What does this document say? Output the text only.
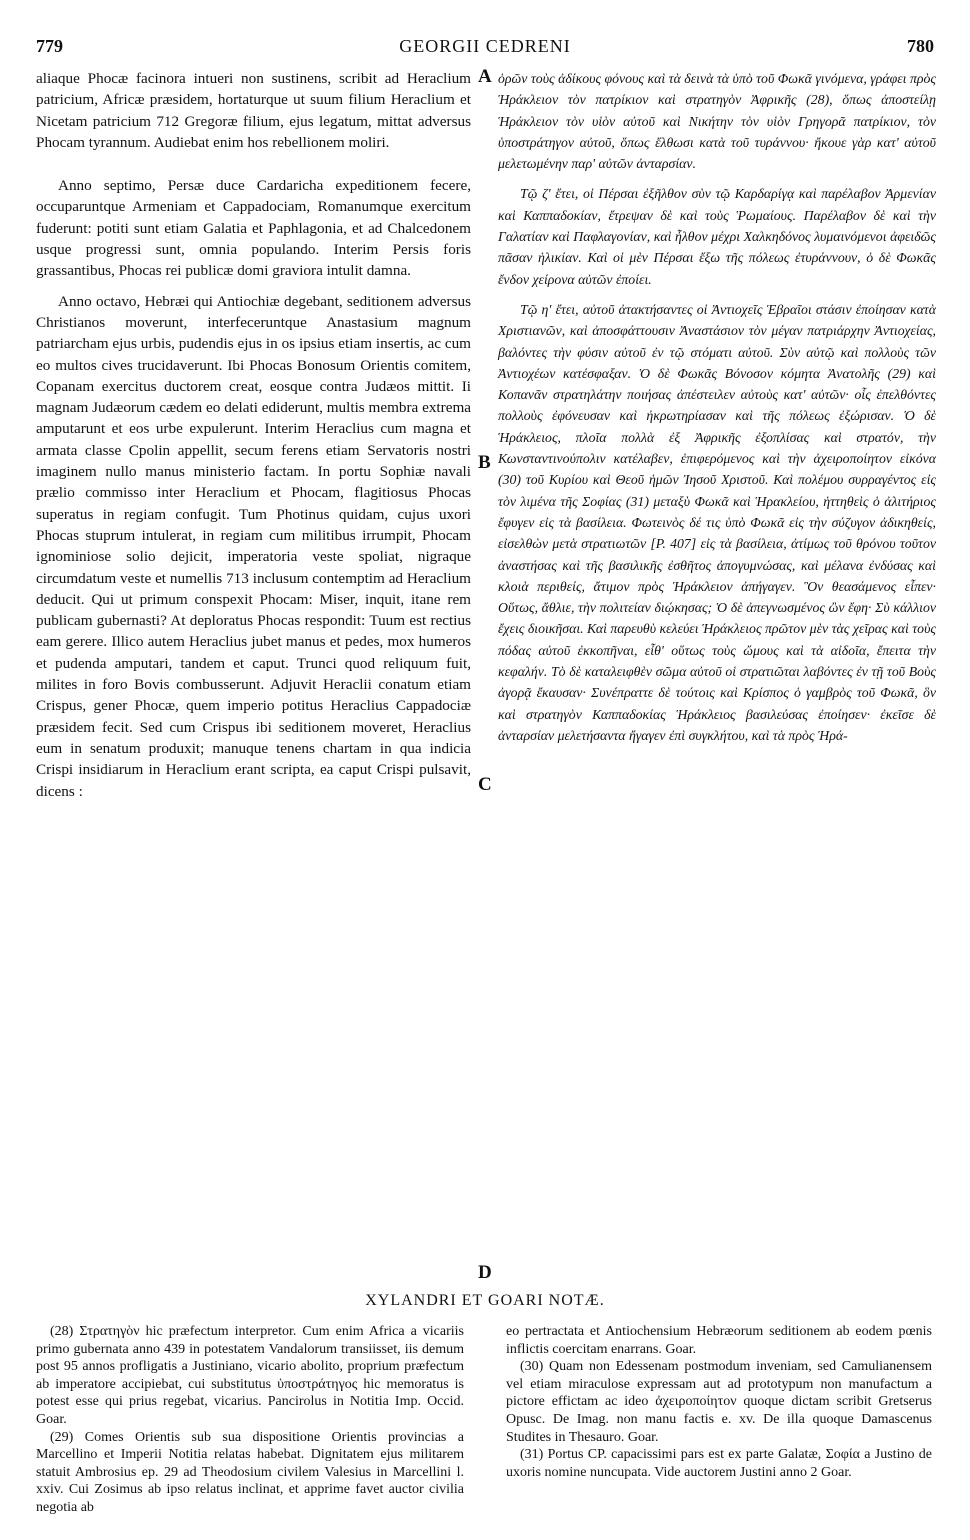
779	GEORGII CEDRENI	780

aliaque Phocæ facinora intueri non sustinens, scribit ad Heraclium patricium, Africæ præsidem, hortaturque ut suum filium Heraclium et Nicetam patricium 712 Gregoræ filium, ejus legatum, mittat adversus Phocam tyrannum. Audiebat enim hos rebellionem moliri.

Anno septimo, Persæ duce Cardaricha expeditionem fecere, occuparuntque Armeniam et Cappadociam, Romanumque exercitum fuderunt: potiti sunt etiam Galatia et Paphlagonia, et ad Chalcedonem usque progressi sunt, omnia populando. Interim Persis foris grassantibus, Phocas rei publicæ domi graviora intulit damna.

Anno octavo, Hebræi qui Antiochiæ degebant, seditionem adversus Christianos moverunt, interfeceruntque Anastasium magnum patriarcham ejus urbis, pudendis ejus in os ipsius etiam insertis, ac cum eo multos cives trucidaverunt. Ibi Phocas Bonosum Orientis comitem, Copanam exercitus ductorem creat, eosque contra Judæos mittit. Ii magnam Judæorum cædem eo delati ediderunt, multis membra extrema amputarunt et eos urbe expulerunt. Interim Heraclius cum magna et armata classe Cpolin appellit, secum ferens etiam Servatoris nostri imaginem nullo manus ministerio factam. In portu Sophiæ navali prælio commisso inter Heraclium et Phocam, flagitiosus Phocas superatus in regiam confugit. Tum Photinus quidam, cujus uxori Phocas stuprum intulerat, in regiam cum militibus irrumpit, Phocam ignominiose solio dejicit, imperatoria veste spoliat, nigraque circumdatum veste et numellis 713 inclusum contemptim ad Heraclium deducit. Qui ut primum conspexit Phocam: Miser, inquit, itane rem publicam gubernasti? At deploratus Phocas respondit: Tuum est rectius eam gerere. Illico autem Heraclius jubet manus et pedes, mox humeros et pudenda amputari, tandem et caput. Trunci quod reliquum fuit, milites in foro Bovis combusserunt. Adjuvit Heraclii conatum etiam Crispus, gener Phocæ, quem imperio potitus Heraclius Cappadociæ præsidem fecit. Sed cum Crispus ibi seditionem moveret, Heraclius eum in senatum produxit; manuque tenens chartam in qua indicia Crispi insidiarum in Heraclium erant scripta, ea caput Crispi pulsavit, dicens :

A
B
C
D

ὁρῶν τοὺς ἀδίκους φόνους καὶ τὰ δεινὰ τὰ ὑπὸ τοῦ Φωκᾶ γινόμενα, γράφει πρὸς Ἡράκλειον τὸν πατρίκιον καὶ στρατηγὸν Ἀφρικῆς (28), ὅπως ἀποστείλῃ Ἡράκλειον τὸν υἱὸν αὐτοῦ καὶ Νικήτην τὸν υἱὸν Γρηγορᾶ πατρίκιον, τὸν ὑποστράτηγον αὐτοῦ, ὅπως ἔλθωσι κατὰ τοῦ τυράννου· ἤκουε γὰρ κατ' αὐτοῦ μελετωμένην παρ' αὐτῶν ἀνταρσίαν.

Τῷ ζ' ἔτει, οἱ Πέρσαι ἐξῆλθον σὺν τῷ Καρδαρίγᾳ καὶ παρέλαβον Ἀρμενίαν καὶ Καππαδοκίαν, ἔτρεψαν δὲ καὶ τοὺς Ῥωμαίους. Παρέλαβον δὲ καὶ τὴν Γαλατίαν καὶ Παφλαγονίαν, καὶ ἦλθον μέχρι Χαλκηδόνος λυμαινόμενοι ἀφειδῶς πᾶσαν ἡλικίαν. Καὶ οἱ μὲν Πέρσαι ἔξω τῆς πόλεως ἐτυράννουν, ὁ δὲ Φωκᾶς ἔνδον χείρονα αὐτῶν ἐποίει.

Τῷ η' ἔτει, αὐτοῦ ἀτακτήσαντες οἱ Ἀντιοχεῖς Ἑβραῖοι στάσιν ἐποίησαν κατὰ Χριστιανῶν, καὶ ἀποσφάττουσιν Ἀναστάσιον τὸν μέγαν πατριάρχην Ἀντιοχείας, βαλόντες τὴν φύσιν αὐτοῦ ἐν τῷ στόματι αὐτοῦ. Σὺν αὐτῷ καὶ πολλοὺς τῶν Ἀντιοχέων κατέσφαξαν. Ὁ δὲ Φωκᾶς Βόνοσον κόμητα Ἀνατολῆς (29) καὶ Κοπανᾶν στρατηλάτην ποιήσας ἀπέστειλεν αὐτοὺς κατ' αὐτῶν· οἷς ἐπελθόντες πολλοὺς ἐφόνευσαν καὶ ἠκρωτηρίασαν καὶ τῆς πόλεως ἐξώρισαν. Ὁ δὲ Ἡράκλειος, πλοῖα πολλὰ ἐξ Ἀφρικῆς ἐξοπλίσας καὶ στρατόν, τὴν Κωνσταντινούπολιν κατέλαβεν, ἐπιφερόμενος καὶ τὴν ἀχειροποίητον εἰκόνα (30) τοῦ Κυρίου καὶ Θεοῦ ἡμῶν Ἰησοῦ Χριστοῦ. Καὶ πολέμου συρραγέντος εἰς τὸν λιμένα τῆς Σοφίας (31) μεταξὺ Φωκᾶ καὶ Ἡρακλείου, ἡττηθεὶς ὁ ἀλιτήριος ἔφυγεν εἰς τὰ βασίλεια. Φωτεινὸς δέ τις ὑπὸ Φωκᾶ εἰς τὴν σύζυγον ἀδικηθείς, εἰσελθὼν μετὰ στρατιωτῶν [P. 407] εἰς τὰ βασίλεια, ἀτίμως τοῦ θρόνου τοῦτον ἀναστήσας καὶ τῆς βασιλικῆς ἐσθῆτος ἀπογυμνώσας, καὶ μέλανα ἐνδύσας καὶ κλοιὰ περιθείς, ἄτιμον πρὸς Ἡράκλειον ἀπήγαγεν. Ὃν θεασάμενος εἶπεν· Οὕτως, ἄθλιε, τὴν πολιτείαν διῴκησας; Ὁ δὲ ἀπεγνωσμένος ὢν ἔφη· Σὺ κάλλιον ἔχεις διοικῆσαι. Καὶ παρευθὺ κελεύει Ἡράκλειος πρῶτον μὲν τὰς χεῖρας καὶ τοὺς πόδας αὐτοῦ ἐκκοπῆναι, εἶθ' οὕτως τοὺς ὤμους καὶ τὰ αἰδοῖα, ἔπειτα τὴν κεφαλήν. Τὸ δὲ καταλειφθὲν σῶμα αὐτοῦ οἱ στρατιῶται λαβόντες ἐν τῇ τοῦ Βοὺς ἀγορᾷ ἔκαυσαν· Συνέπραττε δὲ τούτοις καὶ Κρίσπος ὁ γαμβρὸς τοῦ Φωκᾶ, ὃν καὶ στρατηγὸν Καππαδοκίας Ἡράκλειος βασιλεύσας ἐποίησεν· ἐκεῖσε δὲ ἀνταρσίαν μελετήσαντα ἤγαγεν ἐπὶ συγκλήτου, καὶ τὰ πρὸς Ἡρά-

XYLANDRI ET GOARI NOTÆ.

(28) Στρατηγὸν hic præfectum interpretor. Cum enim Africa a vicariis primo gubernata anno 439 in potestatem Vandalorum transiisset, iis demum post 95 annos profligatis a Justiniano, vicario abolito, proprium præfectum ab imperatore accipiebat, cui substitutus ὑποστράτηγος hic memoratus is potest esse qui prius regebat, vicarius. Pancirolus in Notitia Imp. Occid. Goar.

(29) Comes Orientis sub sua dispositione Orientis provincias a Marcellino et Imperii Notitia relatas habebat. Dignitatem ejus militarem statuit Ambrosius ep. 29 ad Theodosium civilem Valesius in Marcellini l. xxiv. Cui Zosimus ab ipso relatus inclinat, et apprime favet auctor civilia negotia ab

eo pertractata et Antiochensium Hebræorum seditionem ab eodem pœnis inflictis coercitam enarrans. Goar.

(30) Quam non Edessenam postmodum inveniam, sed Camulianensem vel etiam miraculose expressam aut ad prototypum non manufactum a pictore effictam ac ideo ἀχειροποίητον quoque dictam scribit Gretserus Opusc. De Imag. non manu factis e. xv. De illa quoque Damascenus Studites in Thesauro. Goar.

(31) Portus CP. capacissimi pars est ex parte Galatæ, Σοφία a Justino de uxoris nomine nuncupata. Vide auctorem Justini anno 2 Goar.
